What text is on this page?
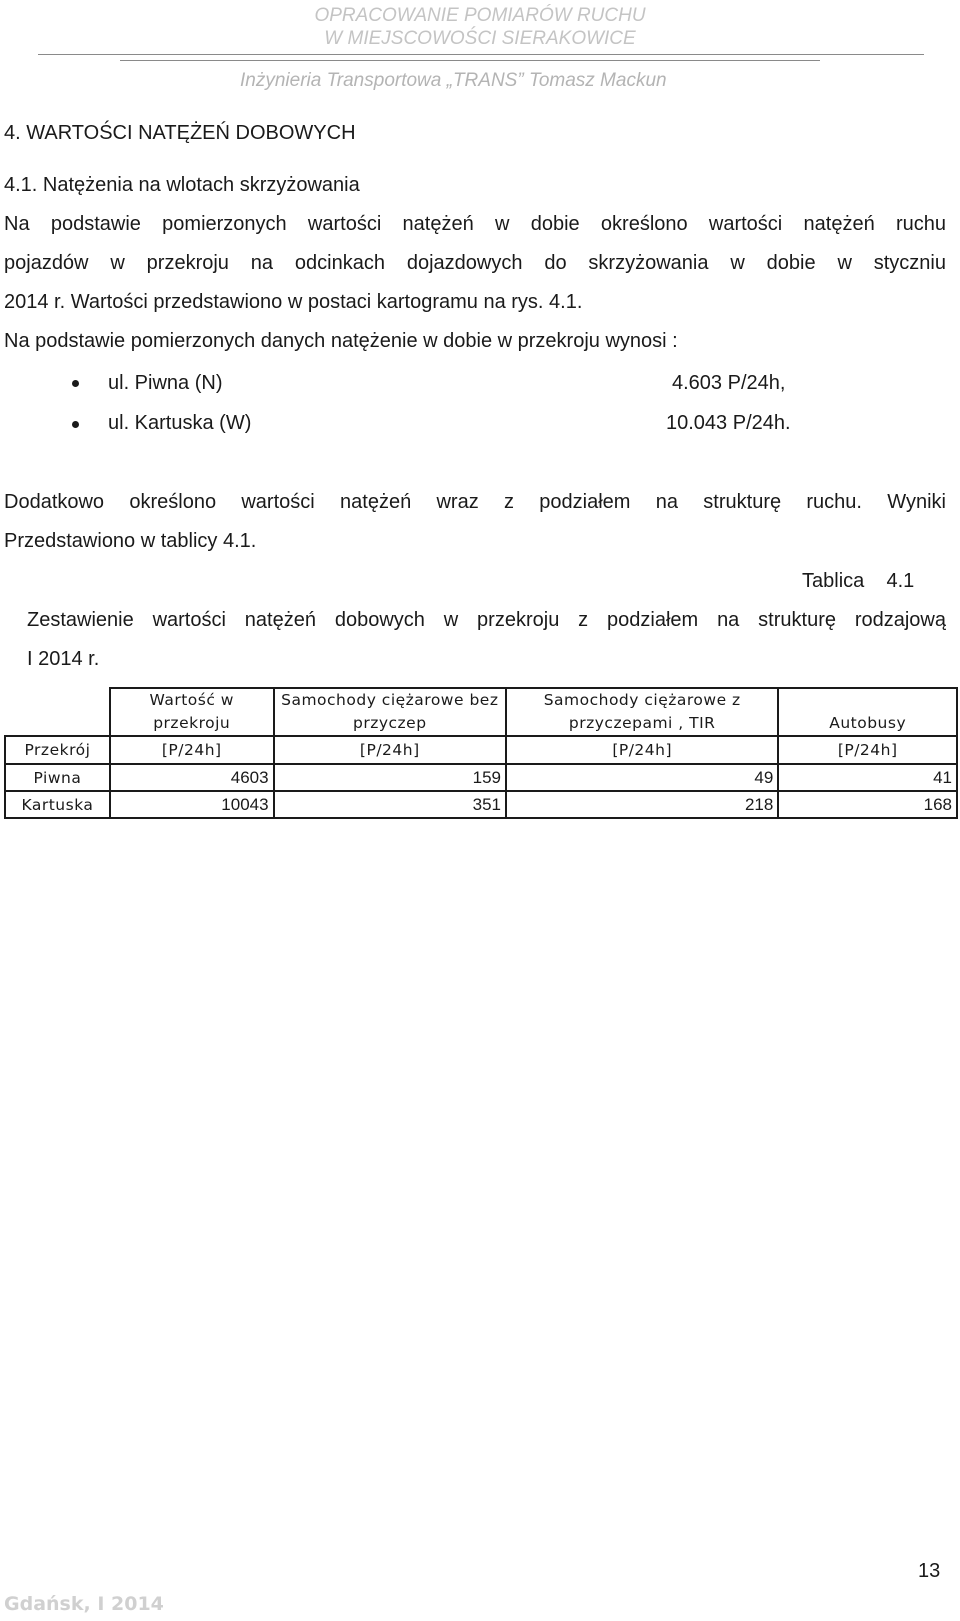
OPRACOWANIE POMIARÓW RUCHU
W MIEJSCOWOŚCI SIERAKOWICE
Inżynieria Transportowa „TRANS” Tomasz Mackun
4. WARTOŚCI NATĘŻEŃ DOBOWYCH
4.1. Natężenia na wlotach skrzyżowania
Na podstawie pomierzonych wartości natężeń w dobie określono wartości natężeń ruchu
pojazdów w przekroju na odcinkach dojazdowych do skrzyżowania w dobie w styczniu
2014 r. Wartości przedstawiono w postaci kartogramu na rys. 4.1.
Na podstawie pomierzonych danych natężenie w dobie w przekroju wynosi :
ul. Piwna (N)	4.603 P/24h,
ul. Kartuska (W)	10.043 P/24h.
Dodatkowo określono wartości natężeń wraz z podziałem na strukturę ruchu. Wyniki
Przedstawiono w tablicy 4.1.
Tablica    4.1
Zestawienie wartości natężeń dobowych w przekroju z podziałem na strukturę rodzajową
I 2014 r.
	Wartość w przekroju	Samochody ciężarowe bez przyczep	Samochody ciężarowe z przyczepami , TIR	Autobusy
Przekrój	[P/24h]	[P/24h]	[P/24h]	[P/24h]
Piwna	4603	159	49	41
Kartuska	10043	351	218	168
13
Gdańsk, I 2014
